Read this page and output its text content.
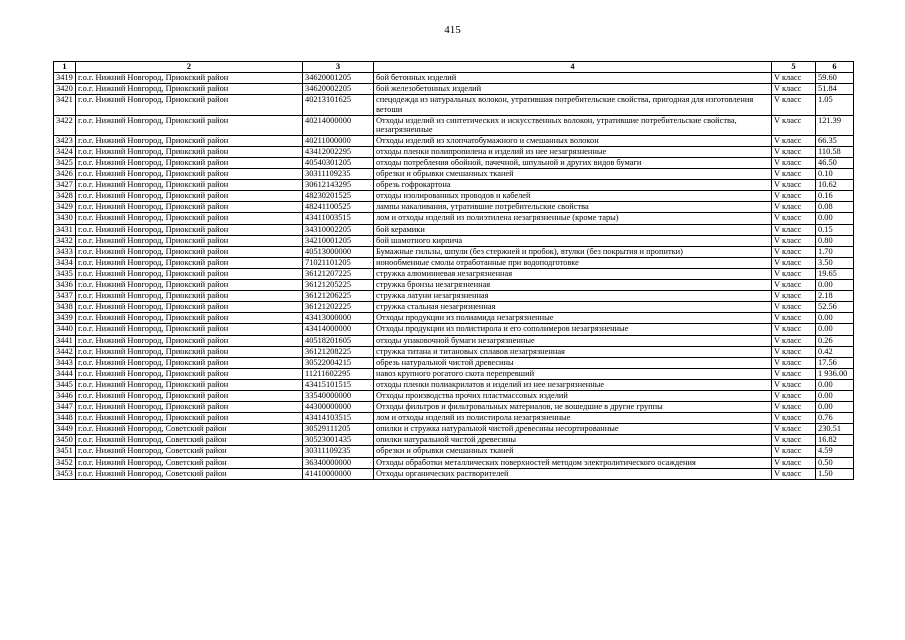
415
1	2	3	4	5	6
3419	г.о.г. Нижний Новгород, Приокский район	34620001205	бой бетонных изделий	V класс	59.60
3420	г.о.г. Нижний Новгород, Приокский район	34620002205	бой железобетонных изделий	V класс	51.84
3421	г.о.г. Нижний Новгород, Приокский район	40213101625	спецодежда из натуральных волокон, утратившая потребительские свойства, пригодная для изготовления ветоши	V класс	1.05
3422	г.о.г. Нижний Новгород, Приокский район	40214000000	Отходы изделий из синтетических и искусственных волокон, утратившие потребительские свойства, незагрязненные	V класс	121.39
3423	г.о.г. Нижний Новгород, Приокский район	40211000000	Отходы изделий из хлопчатобумажного и смешанных волокон	V класс	66.35
3424	г.о.г. Нижний Новгород, Приокский район	43412002295	отходы пленки полипропилена и изделий из нее незагрязненные	V класс	110.58
3425	г.о.г. Нижний Новгород, Приокский район	40540301205	отходы потребления обойной, пачечной, шпульной и других видов бумаги	V класс	46.50
3426	г.о.г. Нижний Новгород, Приокский район	30311109235	обрезки и обрывки смешанных тканей	V класс	0.10
3427	г.о.г. Нижний Новгород, Приокский район	30612143295	обрезь гофрокартона	V класс	10.62
3428	г.о.г. Нижний Новгород, Приокский район	48230201525	отходы изолированных проводов и кабелей	V класс	0.16
3429	г.о.г. Нижний Новгород, Приокский район	48241100525	лампы накаливания, утратившие потребительские свойства	V класс	0.08
3430	г.о.г. Нижний Новгород, Приокский район	43411003515	лом и отходы изделий из полиэтилена незагрязненные (кроме тары)	V класс	0.00
3431	г.о.г. Нижний Новгород, Приокский район	34310002205	бой керамики	V класс	0.15
3432	г.о.г. Нижний Новгород, Приокский район	34210001205	бой шамотного кирпича	V класс	0.80
3433	г.о.г. Нижний Новгород, Приокский район	40513000000	Бумажные гильзы, шпули (без стержней и пробок), втулки (без покрытия и пропитки)	V класс	1.70
3434	г.о.г. Нижний Новгород, Приокский район	71021101205	ионообменные смолы отработанные при водоподготовке	V класс	3.50
3435	г.о.г. Нижний Новгород, Приокский район	36121207225	стружка алюминиевая незагрязненная	V класс	19.65
3436	г.о.г. Нижний Новгород, Приокский район	36121205225	стружка бронзы незагрязненная	V класс	0.00
3437	г.о.г. Нижний Новгород, Приокский район	36121206225	стружка латуни незагрязненная	V класс	2.18
3438	г.о.г. Нижний Новгород, Приокский район	36121202225	стружка стальная незагрязненная	V класс	52.56
3439	г.о.г. Нижний Новгород, Приокский район	43413000000	Отходы продукции из полиамида незагрязненные	V класс	0.00
3440	г.о.г. Нижний Новгород, Приокский район	43414000000	Отходы продукции из полистирола и его сополимеров незагрязненные	V класс	0.00
3441	г.о.г. Нижний Новгород, Приокский район	40518201605	отходы упаковочной бумаги незагрязненные	V класс	0.26
3442	г.о.г. Нижний Новгород, Приокский район	36121208225	стружка титана и титановых сплавов незагрязненная	V класс	0.42
3443	г.о.г. Нижний Новгород, Приокский район	30522004215	обрезь натуральной чистой древесины	V класс	17.56
3444	г.о.г. Нижний Новгород, Приокский район	11211602295	навоз крупного рогатого скота перепревший	V класс	1 936.00
3445	г.о.г. Нижний Новгород, Приокский район	43415101515	отходы пленки полиакрилатов и изделий из нее незагрязненные	V класс	0.00
3446	г.о.г. Нижний Новгород, Приокский район	33540000000	Отходы производства прочих пластмассовых изделий	V класс	0.00
3447	г.о.г. Нижний Новгород, Приокский район	44300000000	Отходы фильтров и фильтровальных материалов, не вошедшие в другие группы	V класс	0.00
3448	г.о.г. Нижний Новгород, Приокский район	43414103515	лом и отходы изделий из полистирола незагрязненные	V класс	0.76
3449	г.о.г. Нижний Новгород, Советский район	30529111205	опилки и стружка натуральной чистой древесины несортированные	V класс	230.51
3450	г.о.г. Нижний Новгород, Советский район	30523001435	опилки натуральной чистой древесины	V класс	16.82
3451	г.о.г. Нижний Новгород, Советский район	30311109235	обрезки и обрывки смешанных тканей	V класс	4.59
3452	г.о.г. Нижний Новгород, Советский район	36340000000	Отходы обработки металлических поверхностей методом электролитического осаждения	V класс	0.50
3453	г.о.г. Нижний Новгород, Советский район	41410000000	Отходы органических растворителей	V класс	1.50
